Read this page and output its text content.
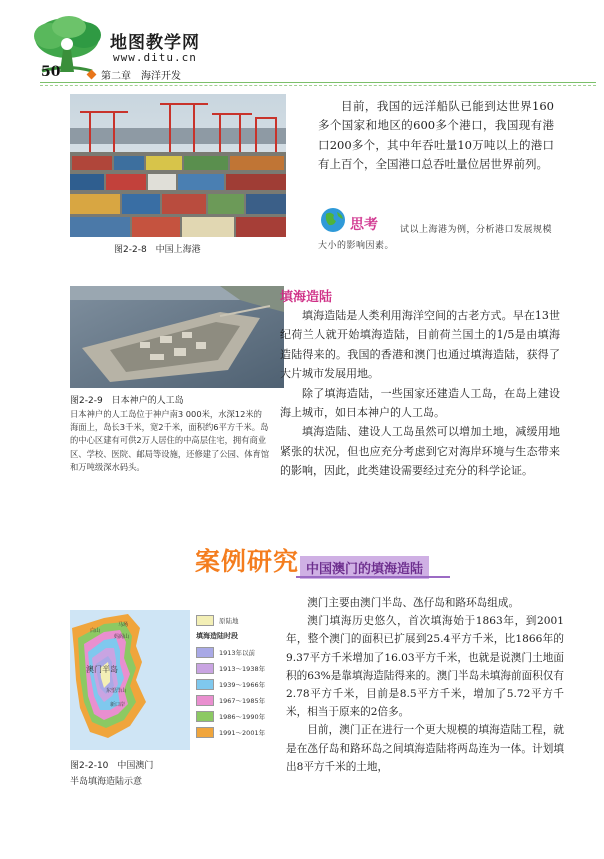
地图教学网
www.ditu.cn
50	第二章　海洋开发
图2-2-8　中国上海港

目前，我国的远洋船队已能到达世界160多个国家和地区的600多个港口，我国现有港口200多个，其中年吞吐量10万吨以上的港口有上百个，全国港口总吞吐量位居世界前列。

思考	试以上海港为例，分析港口发展规模大小的影响因素。
图2-2-9　日本神户的人工岛
日本神户的人工岛位于神户南3 000米，水深12米的海面上，岛长3千米，宽2千米，面积约6平方千米。岛的中心区建有可供2万人居住的中高层住宅，拥有商业区、学校、医院、邮局等设施，还修建了公园、体育馆和万吨级深水码头。
填海造陆

填海造陆是人类利用海洋空间的古老方式。早在13世纪荷兰人就开始填海造陆，目前荷兰国土的1/5是由填海造陆得来的。我国的香港和澳门也通过填海造陆，获得了大片城市发展用地。

除了填海造陆，一些国家还建造人工岛，在岛上建设海上城市，如日本神户的人工岛。

填海造陆、建设人工岛虽然可以增加土地，减缓用地紧张的状况，但也应充分考虑到它对海岸环境与生态带来的影响，因此，此类建设需要经过充分的科学论证。

案例研究 中国澳门的填海造陆
澳门半岛
东望洋山
妈阁山
白山
马场
新口岸
原陆地
填海造陆时段
1913年以前
1913～1938年
1939～1966年
1967～1985年
1986～1990年
1991～2001年
图2-2-10　中国澳门
半岛填海造陆示意

澳门主要由澳门半岛、氹仔岛和路环岛组成。

澳门填海历史悠久，首次填海始于1863年，到2001年，整个澳门的面积已扩展到25.4平方千米，比1866年的9.37平方千米增加了16.03平方千米，也就是说澳门土地面积的63%是靠填海造陆得来的。澳门半岛未填海前面积仅有2.78平方千米，目前是8.5平方千米，增加了5.72平方千米，相当于原来的2倍多。

目前，澳门正在进行一个更大规模的填海造陆工程，就是在氹仔岛和路环岛之间填海造陆将两岛连为一体。计划填出8平方千米的土地，
